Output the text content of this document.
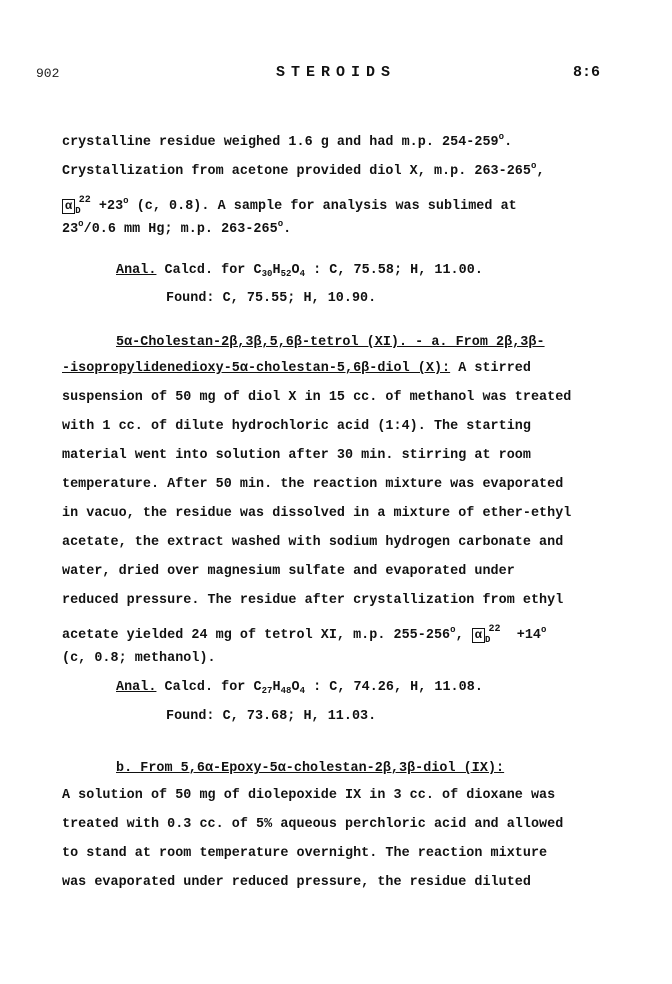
902	STEROIDS	8:6
crystalline residue weighed 1.6 g and had m.p. 254-259$^o$.
Crystallization from acetone provided diol X, m.p. 263-265$^o$,
α $_D^{22} +23^o$ (c, 0.8). A sample for analysis was sublimed at
23$^o$/0.6 mm Hg; m.p. 263-265$^o$.
Anal. Calcd. for $C_{30}H_{52}O_4$ : C, 75.58; H, 11.00.
Found: C, 75.55; H, 10.90.
5α-Cholestan-2β,3β,5,6β-tetrol (XI). - a. From 2β,3β-
-isopropylidenedioxy-5α-cholestan-5,6β-diol (X): A stirred
suspension of 50 mg of diol X in 15 cc. of methanol was treated
with 1 cc. of dilute hydrochloric acid (1:4). The starting
material went into solution after 30 min. stirring at room
temperature. After 50 min. the reaction mixture was evaporated
in vacuo, the residue was dissolved in a mixture of ether-ethyl
acetate, the extract washed with sodium hydrogen carbonate and
water, dried over magnesium sulfate and evaporated under
reduced pressure. The residue after crystallization from ethyl
acetate yielded 24 mg of tetrol XI, m.p. 255-256$^o$, α $_D^{22} +14^o$
(c, 0.8; methanol).
Anal. Calcd. for $C_{27}H_{48}O_4$ : C, 74.26, H, 11.08.
Found: C, 73.68; H, 11.03.
b. From 5,6α-Epoxy-5α-cholestan-2β,3β-diol (IX):
A solution of 50 mg of diolepoxide IX in 3 cc. of dioxane was
treated with 0.3 cc. of 5% aqueous perchloric acid and allowed
to stand at room temperature overnight. The reaction mixture
was evaporated under reduced pressure, the residue diluted
